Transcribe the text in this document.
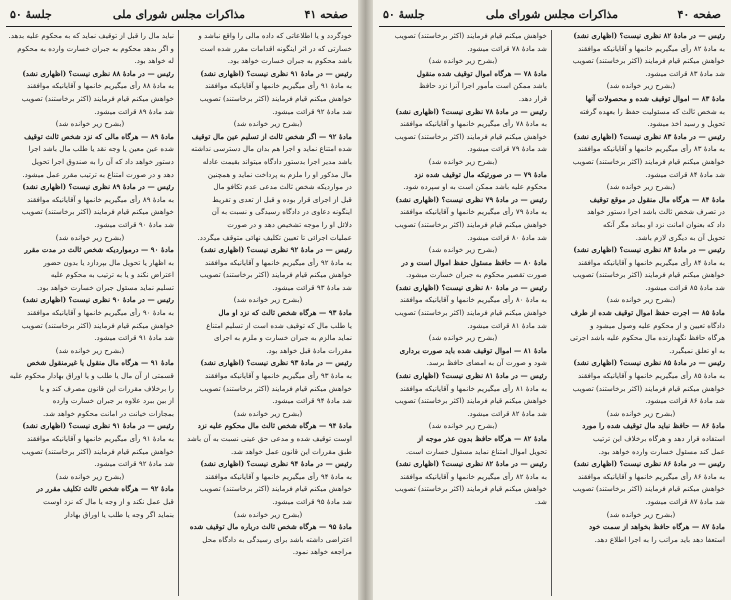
صفحه ۴۱
مذاکرات مجلس شورای ملی
جلسهٔ ۵۰

خودگردد و یا اطلاعاتی که داده مالی را واقع نباشد و

خسارتی که در اثر اینگونه اقدامات مقرر شده است

باشد محکوم به جبران خسارت خواهد بود.

رئیس — در مادهٔ ۹۱ نظری نیست؟ (اظهاری نشد)

به مادهٔ ۹۱ رأی میگیریم خانمها و آقایانیکه موافقند

خواهش میکنم قیام فرمایند (اکثر برخاستند) تصویب

شد مادهٔ ۹۲ قرائت میشود.

(بشرح زیر خوانده شد)

مادهٔ ۹۲ — اگر شخص ثالث از تسلیم عین مال توقیف

شده امتناع نماید و اجرا هم بدان مال دسترسی نداشته

باشد مدیر اجرا بدستور دادگاه میتواند بقیمت عادله

مال مذکور او را ملزم به پرداخت نماید و همچنین

در مواردیکه شخص ثالث مدعی عدم تکافو مال

قبل از اجرای قرار بوده و قبل از تعدی و تفریط

اینگونه دعاوی در دادگاه رسیدگی و نسبت به آن

دلائل او را موجه تشخیص دهد و در صورت

عملیات اجرائی تا تعیین تکلیف نهائی متوقف میگردد.

رئیس — در مادهٔ ۹۲ نظری نیست؟ (اظهاری نشد)

به مادهٔ ۹۲ رأی میگیریم خانمها و آقایانیکه موافقند

خواهش میکنم قیام فرمایند (اکثر برخاستند) تصویب

شد مادهٔ ۹۳ قرائت میشود.

(بشرح زیر خوانده شد)

مادهٔ ۹۳ — هرگاه شخص ثالث که نزد او مال

یا طلب مال که توقیف شده است از تسلیم امتناع

نماید مالزم به جبران خسارت و ملزم به اجرای

مقررات مادهٔ قبل خواهد بود.

رئیس — در مادهٔ ۹۳ نظری نیست؟ (اظهاری نشد)

به مادهٔ ۹۳ رأی میگیریم خانمها و آقایانیکه موافقند

خواهش میکنم قیام فرمایند (اکثر برخاستند) تصویب

شد مادهٔ ۹۴ قرائت میشود.

(بشرح زیر خوانده شد)

مادهٔ ۹۴ — هرگاه شخص ثالث مال محکوم علیه نزد

اوست توقیف شده و مدعی حق عینی نسبت به آن باشد

طبق مقررات این قانون عمل خواهد شد.

رئیس — در مادهٔ ۹۴ نظری نیست؟ (اظهاری نشد)

به مادهٔ ۹۴ رأی میگیریم خانمها و آقایانیکه موافقند

خواهش میکنم قیام فرمایند (اکثر برخاستند) تصویب

شد مادهٔ ۹۵ قرائت میشود.

(بشرح زیر خوانده شد)

مادهٔ ۹۵ — هرگاه شخص ثالث درباره مال توقیف شده

اعتراضی داشته باشد برای رسیدگی به دادگاه محل

مراجعه خواهد نمود.

نباید مال را قبل از توقیف نماید که به محکوم علیه بدهد.

و اگر بدهد محکوم به جبران خسارت وارده به محکوم

له خواهد بود.

رئیس — در مادهٔ ۸۸ نظری نیست؟ (اظهاری نشد)

به مادهٔ ۸۸ رأی میگیریم خانمها و آقایانیکه موافقند

خواهش میکنم قیام فرمایند (اکثر برخاستند) تصویب

شد مادهٔ ۸۹ قرائت میشود.

(بشرح زیر خوانده شد)

مادهٔ ۸۹ — هرگاه مالی که نزد شخص ثالث توقیف

شده عین معین یا وجه نقد یا طلب مال باشد اجرا

دستور خواهد داد که آن را به صندوق اجرا تحویل

دهد و در صورت امتناع به ترتیب مقرر عمل میشود.

رئیس — در مادهٔ ۸۹ نظری نیست؟ (اظهاری نشد)

به مادهٔ ۸۹ رأی میگیریم خانمها و آقایانیکه موافقند

خواهش میکنم قیام فرمایند (اکثر برخاستند) تصویب

شد مادهٔ ۹۰ قرائت میشود.

(بشرح زیر خوانده شد)

مادهٔ ۹۰ — درمواردیکه شخص ثالث در مدت مقرر

به اظهار یا تحویل مال بپردازد یا بدون حضور

اعتراض نکند و یا به ترتیب به محکوم علیه

تسلیم نماید مسئول جبران خسارت خواهد بود.

رئیس — در مادهٔ ۹۰ نظری نیست؟ (اظهاری نشد)

به مادهٔ ۹۰ رأی میگیریم خانمها و آقایانیکه موافقند

خواهش میکنم قیام فرمایند (اکثر برخاستند) تصویب

شد مادهٔ ۹۱ قرائت میشود.

(بشرح زیر خوانده شد)

مادهٔ ۹۱ — هرگاه مال منقول یا غیرمنقول شخص

قسمتی از آن مال یا طلب و یا اوراق بهادار محکوم علیه

را برخلاف مقررات این قانون مصرف کند و یا

از بین ببرد علاوه بر جبران خسارت وارده

بمجازات خیانت در امانت محکوم خواهد شد.

رئیس — در مادهٔ ۹۱ نظری نیست؟ (اظهاری نشد)

به مادهٔ ۹۱ رأی میگیریم خانمها و آقایانیکه موافقند

خواهش میکنم قیام فرمایند (اکثر برخاستند) تصویب

شد مادهٔ ۹۲ قرائت میشود.

(بشرح زیر خوانده شد)

مادهٔ ۹۲ — هرگاه شخص ثالث تکلیف مقرر در

قبل عمل نکند و از وجه یا مال که نزد اوست

بنماید اگر وجه یا طلب یا اوراق بهادار

صفحه ۴۰
مذاکرات مجلس شورای ملی
جلسهٔ ۵۰

رئیس — در مادهٔ ۸۲ نظری نیست؟ (اظهاری نشد)

به مادهٔ ۸۲ رأی میگیریم خانمها و آقایانیکه موافقند

خواهش میکنم قیام فرمایند (اکثر برخاستند) تصویب

شد مادهٔ ۸۳ قرائت میشود.

(بشرح زیر خوانده شد)

مادهٔ ۸۳ — اموال توقیف شده و محصولات آنها

به شخص ثالث که مسئولیت حفظ را بعهده گرفته

تحویل و رسید اخذ میشود.

رئیس — در مادهٔ ۸۳ نظری نیست؟ (اظهاری نشد)

به مادهٔ ۸۳ رأی میگیریم خانمها و آقایانیکه موافقند

خواهش میکنم قیام فرمایند (اکثر برخاستند) تصویب

شد مادهٔ ۸۴ قرائت میشود.

(بشرح زیر خوانده شد)

مادهٔ ۸۴ — هرگاه مال منقول در موقع توقیف

در تصرف شخص ثالث باشد اجرا دستور خواهد

داد که بعنوان امانت نزد او بماند مگر آنکه

تحویل آن به دیگری لازم باشد.

رئیس — در مادهٔ ۸۴ نظری نیست؟ (اظهاری نشد)

به مادهٔ ۸۴ رأی میگیریم خانمها و آقایانیکه موافقند

خواهش میکنم قیام فرمایند (اکثر برخاستند) تصویب

شد مادهٔ ۸۵ قرائت میشود.

(بشرح زیر خوانده شد)

مادهٔ ۸۵ — اجرت حفظ اموال توقیف شده از طرف

دادگاه تعیین و از محکوم علیه وصول میشود و

هرگاه حافظ نگهدارنده مال محکوم علیه باشد اجرتی

به او تعلق نمیگیرد.

رئیس — در مادهٔ ۸۵ نظری نیست؟ (اظهاری نشد)

به مادهٔ ۸۵ رأی میگیریم خانمها و آقایانیکه موافقند

خواهش میکنم قیام فرمایند (اکثر برخاستند) تصویب

شد مادهٔ ۸۶ قرائت میشود.

(بشرح زیر خوانده شد)

مادهٔ ۸۶ — حافظ نباید مال توقیف شده را مورد

استفاده قرار دهد و هرگاه برخلاف این ترتیب

عمل کند مسئول خسارت وارده خواهد بود.

رئیس — در مادهٔ ۸۶ نظری نیست؟ (اظهاری نشد)

به مادهٔ ۸۶ رأی میگیریم خانمها و آقایانیکه موافقند

خواهش میکنم قیام فرمایند (اکثر برخاستند) تصویب

شد مادهٔ ۸۷ قرائت میشود.

(بشرح زیر خوانده شد)

مادهٔ ۸۷ — هرگاه حافظ بخواهد از سمت خود

استعفا دهد باید مراتب را به اجرا اطلاع دهد.

خواهش میکنم قیام فرمایند (اکثر برخاستند) تصویب

شد مادهٔ ۷۸ قرائت میشود.

(بشرح زیر خوانده شد)

مادهٔ ۷۸ — هرگاه اموال توقیف شده منقول

باشد ممکن است مأمور اجرا آنرا نزد حافظ

قرار دهد.

رئیس — در مادهٔ ۷۸ نظری نیست؟ (اظهاری نشد)

به مادهٔ ۷۸ رأی میگیریم خانمها و آقایانیکه موافقند

خواهش میکنم قیام فرمایند (اکثر برخاستند) تصویب

شد مادهٔ ۷۹ قرائت میشود.

(بشرح زیر خوانده شد)

مادهٔ ۷۹ — در صورتیکه مال توقیف شده نزد

محکوم علیه باشد ممکن است به او سپرده شود.

رئیس — در مادهٔ ۷۹ نظری نیست؟ (اظهاری نشد)

به مادهٔ ۷۹ رأی میگیریم خانمها و آقایانیکه موافقند

خواهش میکنم قیام فرمایند (اکثر برخاستند) تصویب

شد مادهٔ ۸۰ قرائت میشود.

(بشرح زیر خوانده شد)

مادهٔ ۸۰ — حافظ مسئول حفظ اموال است و در

صورت تقصیر محکوم به جبران خسارت میشود.

رئیس — در مادهٔ ۸۰ نظری نیست؟ (اظهاری نشد)

به مادهٔ ۸۰ رأی میگیریم خانمها و آقایانیکه موافقند

خواهش میکنم قیام فرمایند (اکثر برخاستند) تصویب

شد مادهٔ ۸۱ قرائت میشود.

(بشرح زیر خوانده شد)

مادهٔ ۸۱ — اموال توقیف شده باید صورت برداری

شود و صورت آن به امضای حافظ برسد.

رئیس — در مادهٔ ۸۱ نظری نیست؟ (اظهاری نشد)

به مادهٔ ۸۱ رأی میگیریم خانمها و آقایانیکه موافقند

خواهش میکنم قیام فرمایند (اکثر برخاستند) تصویب

شد مادهٔ ۸۲ قرائت میشود.

(بشرح زیر خوانده شد)

مادهٔ ۸۲ — هرگاه حافظ بدون عذر موجه از

تحویل اموال امتناع نماید مسئول خسارت است.

رئیس — در مادهٔ ۸۲ نظری نیست؟ (اظهاری نشد)

به مادهٔ ۸۲ رأی میگیریم خانمها و آقایانیکه موافقند

خواهش میکنم قیام فرمایند (اکثر برخاستند) تصویب

شد.
